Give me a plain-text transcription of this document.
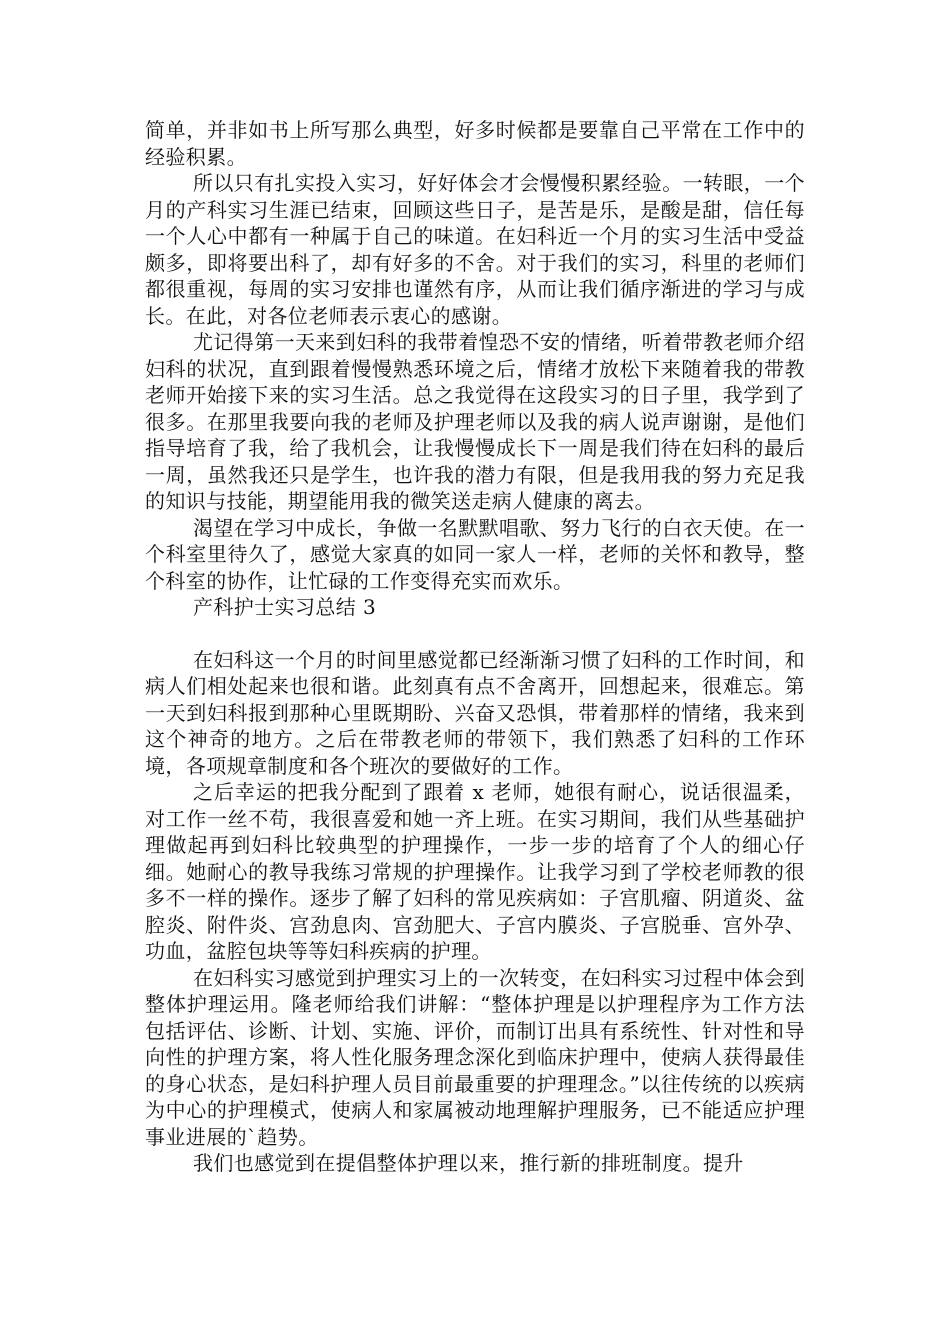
简单，并非如书上所写那么典型，好多时候都是要靠自己平常在工作中的经验积累。

所以只有扎实投入实习，好好体会才会慢慢积累经验。一转眼，一个月的产科实习生涯已结束，回顾这些日子，是苦是乐，是酸是甜，信任每一个人心中都有一种属于自己的味道。在妇科近一个月的实习生活中受益颇多，即将要出科了，却有好多的不舍。对于我们的实习，科里的老师们都很重视，每周的实习安排也谨然有序，从而让我们循序渐进的学习与成长。在此，对各位老师表示衷心的感谢。

尤记得第一天来到妇科的我带着惶恐不安的情绪，听着带教老师介绍妇科的状况，直到跟着慢慢熟悉环境之后，情绪才放松下来随着我的带教老师开始接下来的实习生活。总之我觉得在这段实习的日子里，我学到了很多。在那里我要向我的老师及护理老师以及我的病人说声谢谢，是他们指导培育了我，给了我机会，让我慢慢成长下一周是我们待在妇科的最后一周，虽然我还只是学生，也许我的潜力有限，但是我用我的努力充足我的知识与技能，期望能用我的微笑送走病人健康的离去。

渴望在学习中成长，争做一名默默唱歌、努力飞行的白衣天使。在一个科室里待久了，感觉大家真的如同一家人一样，老师的关怀和教导，整个科室的协作，让忙碌的工作变得充实而欢乐。

产科护士实习总结 3

在妇科这一个月的时间里感觉都已经渐渐习惯了妇科的工作时间，和病人们相处起来也很和谐。此刻真有点不舍离开，回想起来，很难忘。第一天到妇科报到那种心里既期盼、兴奋又恐惧，带着那样的情绪，我来到这个神奇的地方。之后在带教老师的带领下，我们熟悉了妇科的工作环境，各项规章制度和各个班次的要做好的工作。

之后幸运的把我分配到了跟着 x 老师，她很有耐心，说话很温柔，对工作一丝不苟，我很喜爱和她一齐上班。在实习期间，我们从些基础护理做起再到妇科比较典型的护理操作，一步一步的培育了个人的细心仔细。她耐心的教导我练习常规的护理操作。让我学习到了学校老师教的很多不一样的操作。逐步了解了妇科的常见疾病如：子宫肌瘤、阴道炎、盆腔炎、附件炎、宫劲息肉、宫劲肥大、子宫内膜炎、子宫脱垂、宫外孕、功血，盆腔包块等等妇科疾病的护理。

在妇科实习感觉到护理实习上的一次转变，在妇科实习过程中体会到整体护理运用。隆老师给我们讲解：“整体护理是以护理程序为工作方法包括评估、诊断、计划、实施、评价，而制订出具有系统性、针对性和导向性的护理方案，将人性化服务理念深化到临床护理中，使病人获得最佳的身心状态，是妇科护理人员目前最重要的护理理念。”以往传统的以疾病为中心的护理模式，使病人和家属被动地理解护理服务，已不能适应护理事业进展的`趋势。

我们也感觉到在提倡整体护理以来，推行新的排班制度。提升
